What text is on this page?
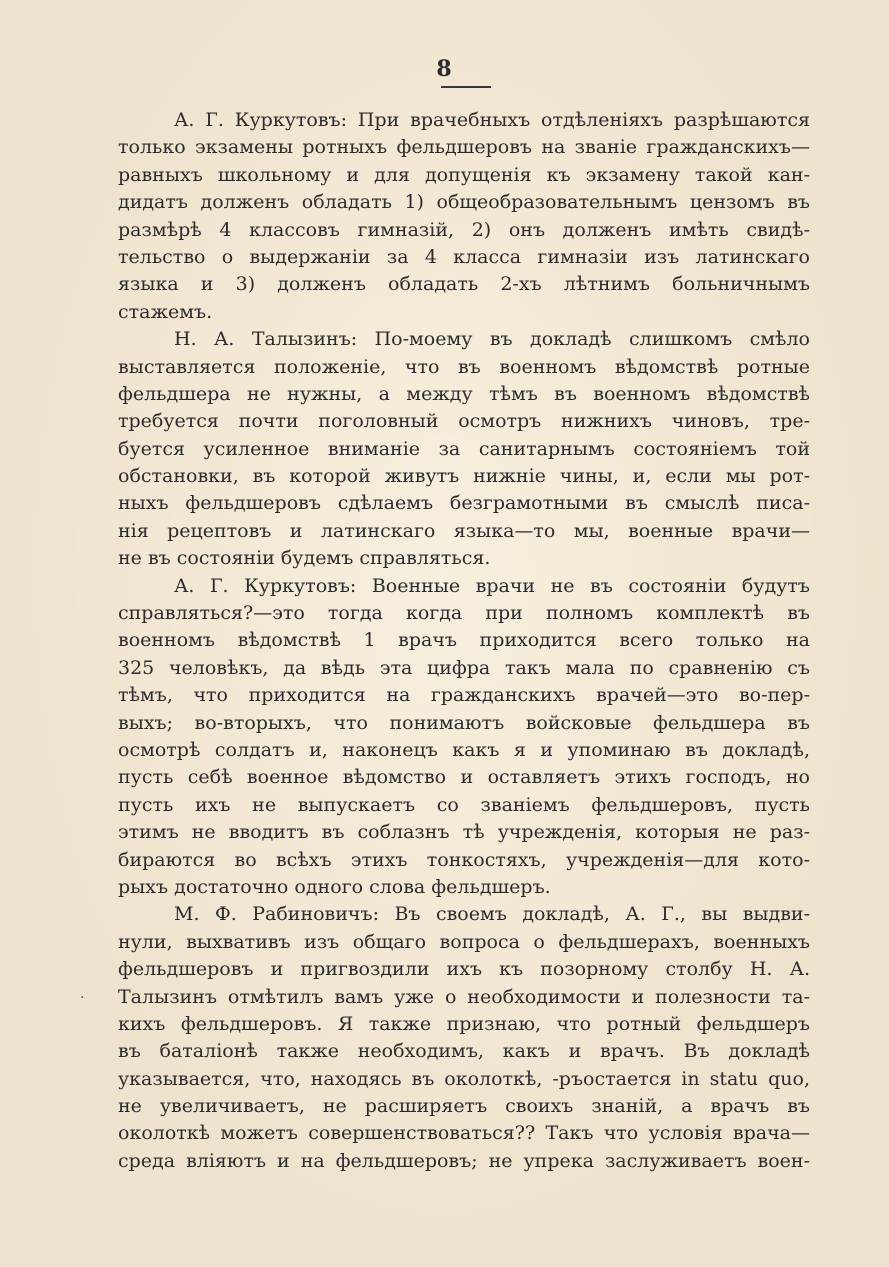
8
·
А. Г. Куркутовъ: При врачебныхъ отдѣленіяхъ разрѣшаются
только экзамены ротныхъ фельдшеровъ на званіе гражданскихъ—
равныхъ школьному и для допущенія къ экзамену такой кан-
дидатъ долженъ обладать 1) общеобразовательнымъ цензомъ въ
размѣрѣ 4 классовъ гимназій, 2) онъ долженъ имѣть свидѣ-
тельство о выдержаніи за 4 класса гимназіи изъ латинскаго
языка и 3) долженъ обладать 2-хъ лѣтнимъ больничнымъ
стажемъ.
Н. А. Талызинъ: По-моему въ докладѣ слишкомъ смѣло
выставляется положеніе, что въ военномъ вѣдомствѣ ротные
фельдшера не нужны, а между тѣмъ въ военномъ вѣдомствѣ
требуется почти поголовный осмотръ нижнихъ чиновъ, тре-
буется усиленное вниманіе за санитарнымъ состояніемъ той
обстановки, въ которой живутъ нижніе чины, и, если мы рот-
ныхъ фельдшеровъ сдѣлаемъ безграмотными въ смыслѣ писа-
нія рецептовъ и латинскаго языка—то мы, военные врачи—
не въ состояніи будемъ справляться.
А. Г. Куркутовъ: Военные врачи не въ состояніи будутъ
справляться?—это тогда когда при полномъ комплектѣ въ
военномъ вѣдомствѣ 1 врачъ приходится всего только на
325 человѣкъ, да вѣдь эта цифра такъ мала по сравненію съ
тѣмъ, что приходится на гражданскихъ врачей—это во-пер-
выхъ; во-вторыхъ, что понимаютъ войсковые фельдшера въ
осмотрѣ солдатъ и, наконецъ какъ я и упоминаю въ докладѣ,
пусть себѣ военное вѣдомство и оставляетъ этихъ господъ, но
пусть ихъ не выпускаетъ со званіемъ фельдшеровъ, пусть
этимъ не вводитъ въ соблазнъ тѣ учрежденія, которыя не раз-
бираются во всѣхъ этихъ тонкостяхъ, учрежденія—для кото-
рыхъ достаточно одного слова фельдшеръ.
М. Ф. Рабиновичъ: Въ своемъ докладѣ, А. Г., вы выдви-
нули, выхвативъ изъ общаго вопроса о фельдшерахъ, военныхъ
фельдшеровъ и пригвоздили ихъ къ позорному столбу Н. А.
Талызинъ отмѣтилъ вамъ уже о необходимости и полезности та-
кихъ фельдшеровъ. Я также признаю, что ротный фельдшеръ
въ баталіонѣ также необходимъ, какъ и врачъ. Въ докладѣ
указывается, что, находясь въ околоткѣ, -ръостается in statu quo,
не увеличиваетъ, не расширяетъ своихъ знаній, а врачъ въ
околоткѣ можетъ совершенствоваться?? Такъ что условія врача—
среда вліяютъ и на фельдшеровъ; не упрека заслуживаетъ воен-
